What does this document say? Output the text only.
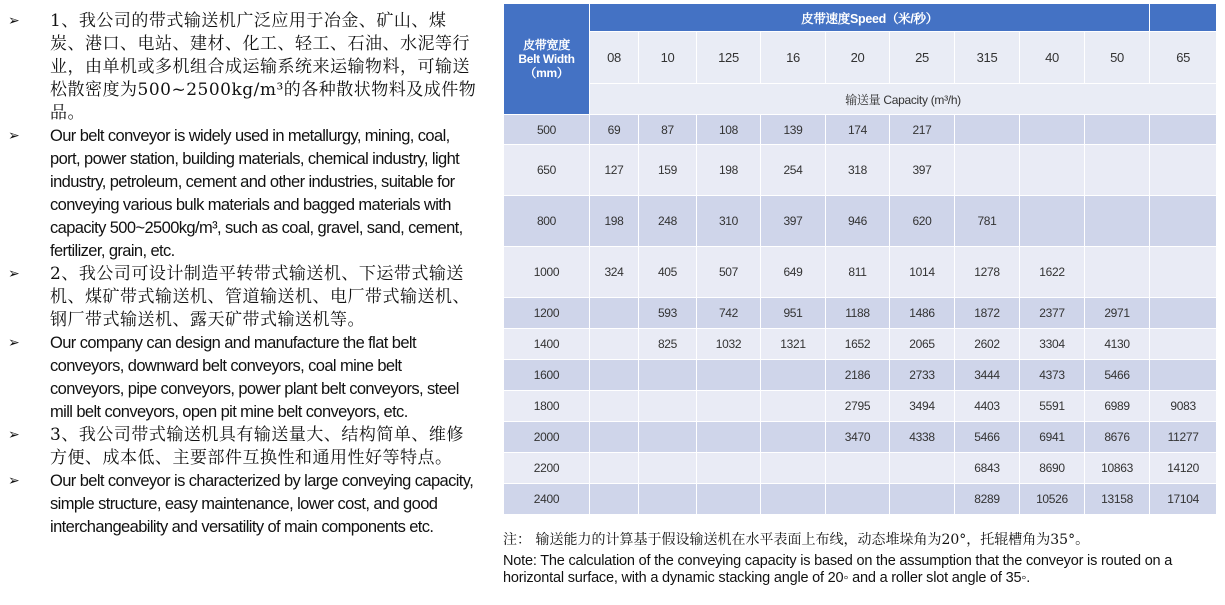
➢ 1、我公司的带式输送机广泛应用于冶金、矿山、煤炭、港口、电站、建材、化工、轻工、石油、水泥等行业，由单机或多机组合成运输系统来运输物料，可输送松散密度为500~2500kg/m³的各种散状物料及成件物品。
➢ Our belt conveyor is widely used in metallurgy, mining, coal, port, power station, building materials, chemical industry, light industry, petroleum, cement and other industries, suitable for conveying various bulk materials and bagged materials with capacity 500~2500kg/m³, such as coal, gravel, sand, cement, fertilizer, grain, etc.
➢ 2、我公司可设计制造平转带式输送机、下运带式输送机、煤矿带式输送机、管道输送机、电厂带式输送机、钢厂带式输送机、露天矿带式输送机等。
➢ Our company can design and manufacture the flat belt conveyors, downward belt conveyors, coal mine belt conveyors, pipe conveyors, power plant belt conveyors, steel mill belt conveyors, open pit mine belt conveyors, etc.
➢ 3、我公司带式输送机具有输送量大、结构简单、维修方便、成本低、主要部件互换性和通用性好等特点。
➢ Our belt conveyor is characterized by large conveying capacity, simple structure, easy maintenance, lower cost, and good interchangeability and versatility of main components etc.
皮带宽度
Belt Width
（mm）	皮带速度Speed（米/秒）									
	08	10	125	16	20	25	315	40	50	65
	输送量 Capacity (m³/h)									
500	69	87	108	139	174	217				
650	127	159	198	254	318	397				
800	198	248	310	397	946	620	781			
1000	324	405	507	649	811	1014	1278	1622		
1200		593	742	951	1188	1486	1872	2377	2971	
1400		825	1032	1321	1652	2065	2602	3304	4130	
1600					2186	2733	3444	4373	5466	
1800					2795	3494	4403	5591	6989	9083
2000					3470	4338	5466	6941	8676	11277
2200							6843	8690	10863	14120
2400							8289	10526	13158	17104

注： 输送能力的计算基于假设输送机在水平表面上布线，动态堆垛角为20°，托辊槽角为35°。

Note: The calculation of the conveying capacity is based on the assumption that the conveyor is routed on a horizontal surface, with a dynamic stacking angle of 20◦ and a roller slot angle of 35◦.
